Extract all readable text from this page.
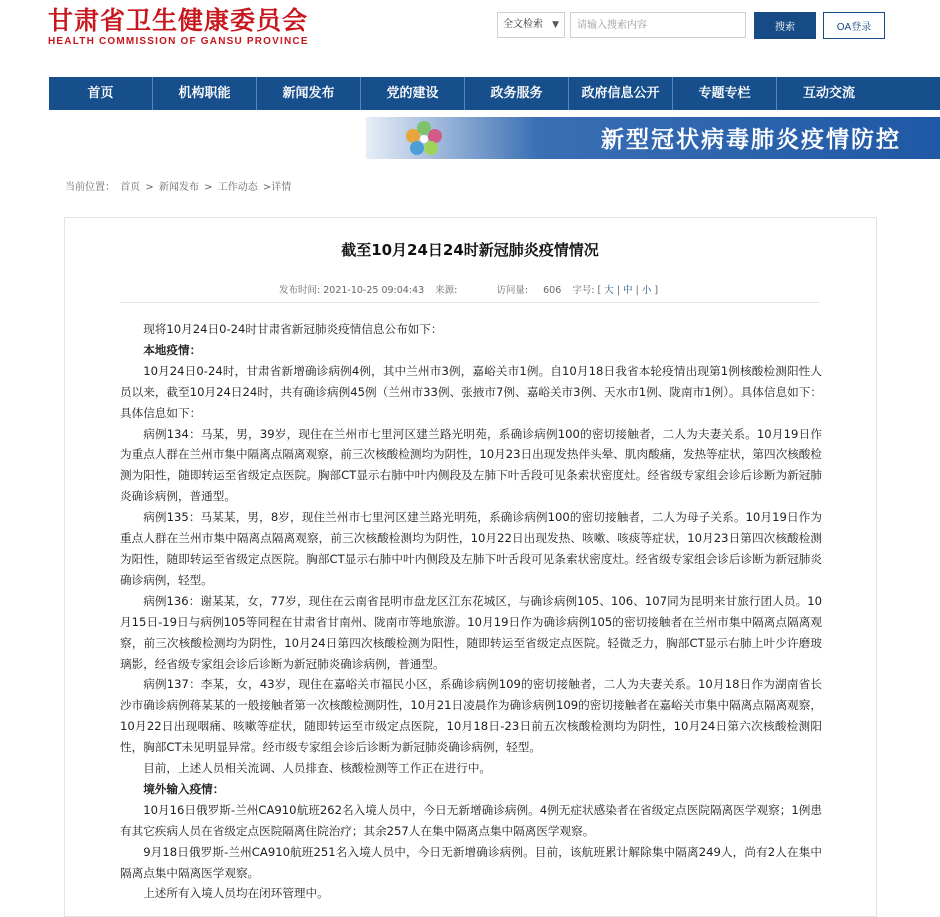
甘肃省卫生健康委员会
HEALTH COMMISSION OF GANSU PROVINCE
全文检索 ▼
请输入搜索内容	搜索	OA登录
首页	机构职能	新闻发布	党的建设	政务服务	政府信息公开	专题专栏	互动交流
互动交流	新型冠状病毒肺炎疫情防控
当前位置： 首页 > 新闻发布 > 工作动态 >详情
截至10月24日24时新冠肺炎疫情情况
发布时间: 2021-10-25 09:04:43 来源:	访问量: 606 字号: [ 大 | 中 | 小 ]

现将10月24日0-24时甘肃省新冠肺炎疫情信息公布如下：

本地疫情：

10月24日0-24时，甘肃省新增确诊病例4例，其中兰州市3例，嘉峪关市1例。自10月18日我省本轮疫情出现第1例核酸检测阳性人员以来，截至10月24日24时，共有确诊病例45例（兰州市33例、张掖市7例、嘉峪关市3例、天水市1例、陇南市1例）。具体信息如下：具体信息如下：

病例134：马某，男，39岁，现住在兰州市七里河区建兰路光明苑，系确诊病例100的密切接触者，二人为夫妻关系。10月19日作为重点人群在兰州市集中隔离点隔离观察，前三次核酸检测均为阴性，10月23日出现发热伴头晕、肌肉酸痛，发热等症状，第四次核酸检测为阳性，随即转运至省级定点医院。胸部CT显示右肺中叶内侧段及左肺下叶舌段可见条索状密度灶。经省级专家组会诊后诊断为新冠肺炎确诊病例，普通型。

病例135：马某某，男，8岁，现住兰州市七里河区建兰路光明苑，系确诊病例100的密切接触者，二人为母子关系。10月19日作为重点人群在兰州市集中隔离点隔离观察，前三次核酸检测均为阴性，10月22日出现发热、咳嗽、咳痰等症状，10月23日第四次核酸检测为阳性，随即转运至省级定点医院。胸部CT显示右肺中叶内侧段及左肺下叶舌段可见条索状密度灶。经省级专家组会诊后诊断为新冠肺炎确诊病例，轻型。

病例136：谢某某，女，77岁，现住在云南省昆明市盘龙区江东花城区，与确诊病例105、106、107同为昆明来甘旅行团人员。10月15日-19日与病例105等同程在甘肃省甘南州、陇南市等地旅游。10月19日作为确诊病例105的密切接触者在兰州市集中隔离点隔离观察，前三次核酸检测均为阴性，10月24日第四次核酸检测为阳性，随即转运至省级定点医院。轻微乏力，胸部CT显示右肺上叶少许磨玻璃影，经省级专家组会诊后诊断为新冠肺炎确诊病例，普通型。

病例137：李某，女，43岁，现住在嘉峪关市福民小区，系确诊病例109的密切接触者，二人为夫妻关系。10月18日作为湖南省长沙市确诊病例蒋某某的一般接触者第一次核酸检测阴性，10月21日凌晨作为确诊病例109的密切接触者在嘉峪关市集中隔离点隔离观察，10月22日出现咽痛、咳嗽等症状，随即转运至市级定点医院，10月18日-23日前五次核酸检测均为阴性，10月24日第六次核酸检测阳性，胸部CT未见明显异常。经市级专家组会诊后诊断为新冠肺炎确诊病例，轻型。

目前，上述人员相关流调、人员排查、核酸检测等工作正在进行中。

境外输入疫情：

10月16日俄罗斯-兰州CA910航班262名入境人员中，今日无新增确诊病例。4例无症状感染者在省级定点医院隔离医学观察；1例患有其它疾病人员在省级定点医院隔离住院治疗；其余257人在集中隔离点集中隔离医学观察。

9月18日俄罗斯-兰州CA910航班251名入境人员中，今日无新增确诊病例。目前，该航班累计解除集中隔离249人，尚有2人在集中隔离点集中隔离医学观察。

上述所有入境人员均在闭环管理中。
